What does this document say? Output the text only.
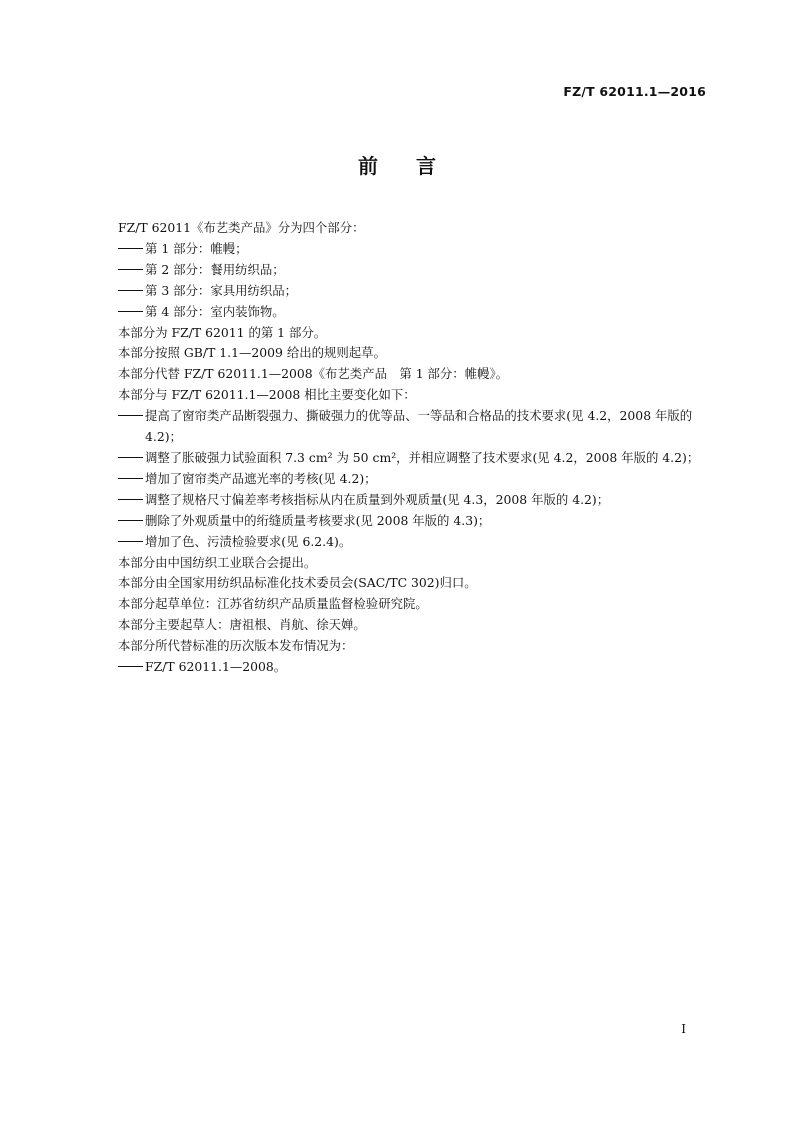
FZ/T 62011.1—2016
前言

FZ/T 62011《布艺类产品》分为四个部分：

第 1 部分：帷幔；

第 2 部分：餐用纺织品；

第 3 部分：家具用纺织品；

第 4 部分：室内装饰物。

本部分为 FZ/T 62011 的第 1 部分。

本部分按照 GB/T 1.1—2009 给出的规则起草。

本部分代替 FZ/T 62011.1—2008《布艺类产品　第 1 部分：帷幔》。

本部分与 FZ/T 62011.1—2008 相比主要变化如下：

提高了窗帘类产品断裂强力、撕破强力的优等品、一等品和合格品的技术要求(见 4.2，2008 年版的 4.2)；

调整了胀破强力试验面积 7.3 cm² 为 50 cm²，并相应调整了技术要求(见 4.2，2008 年版的 4.2)；

增加了窗帘类产品遮光率的考核(见 4.2)；

调整了规格尺寸偏差率考核指标从内在质量到外观质量(见 4.3，2008 年版的 4.2)；

删除了外观质量中的绗缝质量考核要求(见 2008 年版的 4.3)；

增加了色、污渍检验要求(见 6.2.4)。

本部分由中国纺织工业联合会提出。

本部分由全国家用纺织品标准化技术委员会(SAC/TC 302)归口。

本部分起草单位：江苏省纺织产品质量监督检验研究院。

本部分主要起草人：唐祖根、肖航、徐天婵。

本部分所代替标准的历次版本发布情况为：

FZ/T 62011.1—2008。

I
